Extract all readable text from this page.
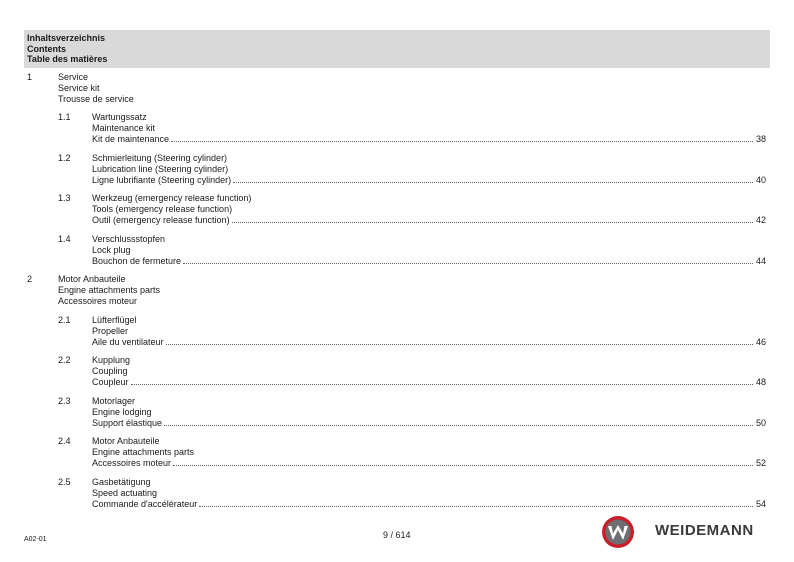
Inhaltsverzeichnis
Contents
Table des matières
1	Service
Service kit
Trousse de service
1.1 Wartungssatz
Maintenance kit
Kit de maintenance	38
1.2 Schmierleitung (Steering cylinder)
Lubrication line (Steering cylinder)
Ligne lubrifiante (Steering cylinder)	40
1.3 Werkzeug (emergency release function)
Tools (emergency release function)
Outil (emergency release function)	42
1.4 Verschlussstopfen
Lock plug
Bouchon de fermeture	44
2	Motor Anbauteile
Engine attachments parts
Accessoires moteur
2.1 Lüfterflügel
Propeller
Aile du ventilateur	46
2.2 Kupplung
Coupling
Coupleur	48
2.3 Motorlager
Engine lodging
Support élastique	50
2.4 Motor Anbauteile
Engine attachments parts
Accessoires moteur	52
2.5 Gasbetätigung
Speed actuating
Commande d'accélérateur	54
A02-01	9 / 614	WEIDEMANN
